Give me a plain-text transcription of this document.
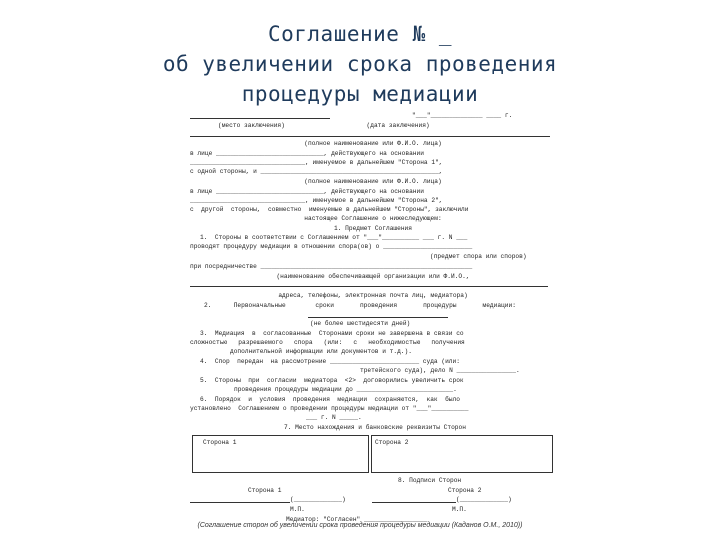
Соглашение № _
об увеличении срока проведения
процедуры медиации
"___"______________ ____ г.
(место заключения)                      (дата заключения)
(полное наименование или Ф.И.О. лица)
в лице _____________________________, действующего на основании
_______________________________, именуемое в дальнейшем "Сторона 1",
с одной стороны, и ________________________________________________,
(полное наименование или Ф.И.О. лица)
в лице _____________________________, действующего на основании
_______________________________, именуемое в дальнейшем "Сторона 2",
с  другой  стороны,  совместно  именуемые в дальнейшем "Стороны", заключили
настоящее Соглашение о нижеследующем:
1. Предмет Соглашения
1.  Стороны в соответствии с Соглашением от "___"__________ ___ г. N ___
проводят процедуру медиации в отношении спора(ов) о ________________________
(предмет спора или споров)
при посредничестве _________________________________________________________
(наименование обеспечивающей организации или Ф.И.О.,
адреса, телефоны, электронная почта лиц, медиатора)
2.      Первоначальные        сроки       проведения       процедуры       медиации:
(не более шестидесяти дней)
3.  Медиация  в  согласованные  Сторонами сроки не завершена в связи со
сложностью   разрешаемого   спора   (или:   с   необходимостью   получения
дополнительной информации или документов и т.д.).
4.  Спор  передан  на рассмотрение ________________________ суда (или:
третейского суда), дело N ________________.
5.  Стороны  при  согласии  медиатора  <2>  договорились увеличить срок
проведения процедуры медиации до __________________________.
6.  Порядок  и  условия  проведения  медиации  сохраняются,  как  было
установлено  Соглашением о проведении процедуры медиации от "___"__________
___ г. N _____.
7. Место нахождения и банковские реквизиты Сторон
Сторона 1	Сторона 2
8. Подписи Сторон
Сторона 1	Сторона 2
(_____________)	(_____________)
М.П.	М.П.
Медиатор: "Согласен" _________________
(Соглашение сторон об увеличении срока проведения процедуры медиации (Каданов О.М., 2010))
